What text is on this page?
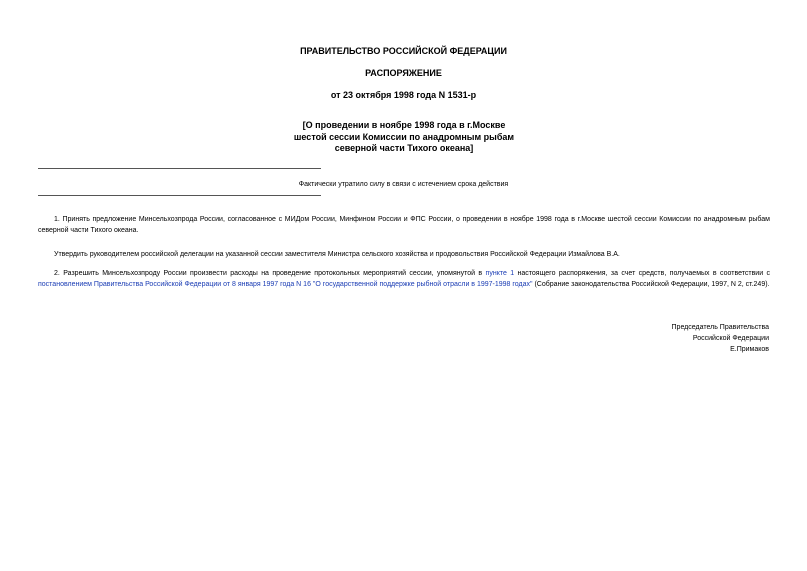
ПРАВИТЕЛЬСТВО РОССИЙСКОЙ ФЕДЕРАЦИИ
РАСПОРЯЖЕНИЕ
от 23 октября 1998 года N 1531-р
[О проведении в ноябре 1998 года в г.Москве
шестой сессии Комиссии по анадромным рыбам
северной части Тихого океана]
Фактически утратило силу в связи с истечением срока действия

1. Принять предложение Минсельхозпрода России, согласованное с МИДом России, Минфином России и ФПС России, о проведении в ноябре 1998 года в г.Москве шестой сессии Комиссии по анадромным рыбам северной части Тихого океана.

Утвердить руководителем российской делегации на указанной сессии заместителя Министра сельского хозяйства и продовольствия Российской Федерации Измайлова В.А.

2. Разрешить Минсельхозпроду России произвести расходы на проведение протокольных мероприятий сессии, упомянутой в пункте 1 настоящего распоряжения, за счет средств, получаемых в соответствии с постановлением Правительства Российской Федерации от 8 января 1997 года N 16 "О государственной поддержке рыбной отрасли в 1997-1998 годах" (Собрание законодательства Российской Федерации, 1997, N 2, ст.249).

Председатель Правительства
Российской Федерации
Е.Примаков
